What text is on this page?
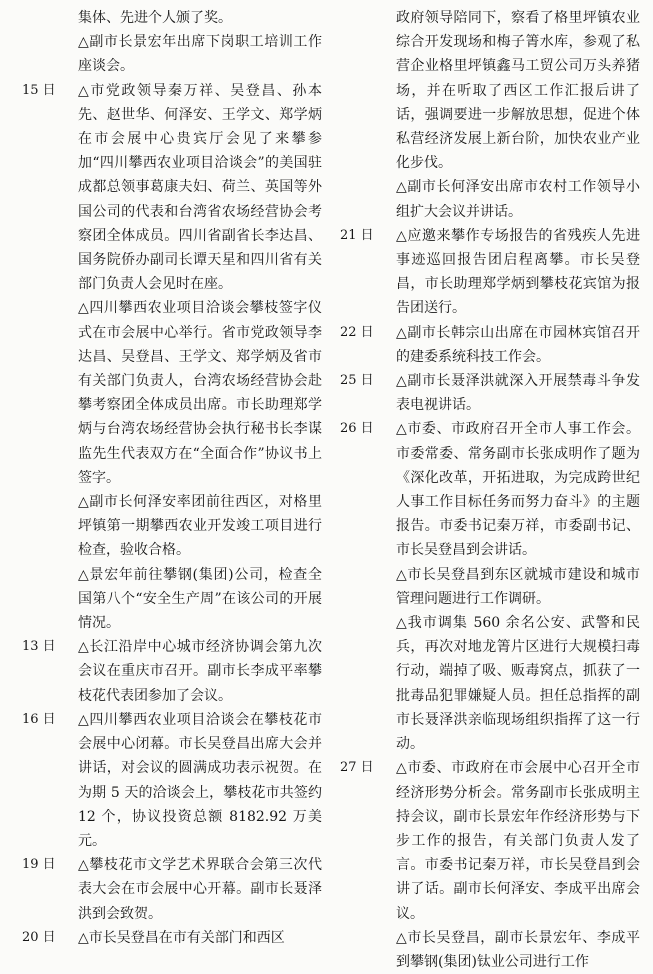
集体、先进个人颁了奖。

△副市长景宏年出席下岗职工培训工作座谈会。

15 日	△市党政领导秦万祥、吴登昌、孙本先、赵世华、何泽安、王学文、郑学炳在市会展中心贵宾厅会见了来攀参加“四川攀西农业项目洽谈会”的美国驻成都总领事葛康夫妇、荷兰、英国等外国公司的代表和台湾省农场经营协会考察团全体成员。四川省副省长李达昌、国务院侨办副司长谭天星和四川省有关部门负责人会见时在座。

△四川攀西农业项目洽谈会攀枝签字仪式在市会展中心举行。省市党政领导李达昌、吴登昌、王学文、郑学炳及省市有关部门负责人，台湾农场经营协会赴攀考察团全体成员出席。市长助理郑学炳与台湾农场经营协会执行秘书长李谋监先生代表双方在“全面合作”协议书上签字。

△副市长何泽安率团前往西区，对格里坪镇第一期攀西农业开发竣工项目进行检查，验收合格。

△景宏年前往攀钢(集团)公司，检查全国第八个“安全生产周”在该公司的开展情况。

13 日	△长江沿岸中心城市经济协调会第九次会议在重庆市召开。副市长李成平率攀枝花代表团参加了会议。

16 日	△四川攀西农业项目洽谈会在攀枝花市会展中心闭幕。市长吴登昌出席大会并讲话，对会议的圆满成功表示祝贺。在为期 5 天的洽谈会上，攀枝花市共签约 12 个，协议投资总额 8182.92 万美元。

19 日	△攀枝花市文学艺术界联合会第三次代表大会在市会展中心开幕。副市长聂泽洪到会致贺。

20 日	△市长吴登昌在市有关部门和西区

政府领导陪同下，察看了格里坪镇农业综合开发现场和梅子箐水库，参观了私营企业格里坪镇鑫马工贸公司万头养猪场，并在听取了西区工作汇报后讲了话，强调要进一步解放思想，促进个体私营经济发展上新台阶，加快农业产业化步伐。

△副市长何泽安出席市农村工作领导小组扩大会议并讲话。

21 日	△应邀来攀作专场报告的省残疾人先进事迹巡回报告团启程离攀。市长吴登昌，市长助理郑学炳到攀枝花宾馆为报告团送行。

22 日	△副市长韩宗山出席在市园林宾馆召开的建委系统科技工作会。

25 日	△副市长聂泽洪就深入开展禁毒斗争发表电视讲话。

26 日	△市委、市政府召开全市人事工作会。市委常委、常务副市长张成明作了题为《深化改革，开拓进取，为完成跨世纪人事工作目标任务而努力奋斗》的主题报告。市委书记秦万祥，市委副书记、市长吴登昌到会讲话。

△市长吴登昌到东区就城市建设和城市管理问题进行工作调研。

△我市调集 560 余名公安、武警和民兵，再次对地龙箐片区进行大规模扫毒行动，端掉了吸、贩毒窝点，抓获了一批毒品犯罪嫌疑人员。担任总指挥的副市长聂泽洪亲临现场组织指挥了这一行动。

27 日	△市委、市政府在市会展中心召开全市经济形势分析会。常务副市长张成明主持会议，副市长景宏年作经济形势与下步工作的报告，有关部门负责人发了言。市委书记秦万祥，市长吴登昌到会讲了话。副市长何泽安、李成平出席会议。

△市长吴登昌，副市长景宏年、李成平到攀钢(集团)钛业公司进行工作
